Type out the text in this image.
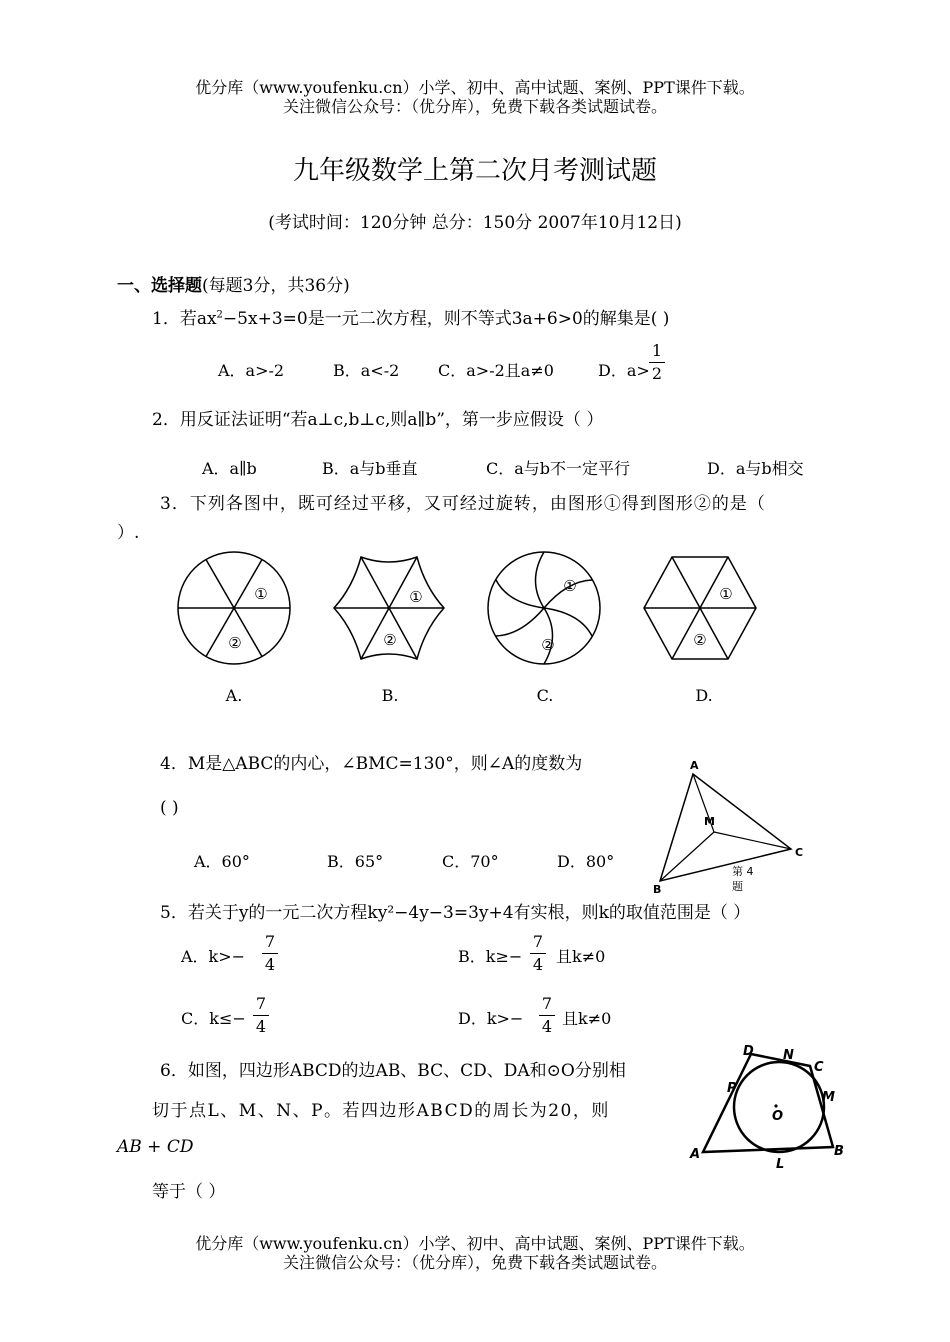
优分库（www.youfenku.cn）小学、初中、高中试题、案例、PPT课件下载。
关注微信公众号：（优分库），免费下载各类试题试卷。
九年级数学上第二次月考测试题
(考试时间：120分钟 总分：150分 2007年10月12日)
一、选择题(每题3分，共36分)
1．若$ax^2-5x+3=0$是一元二次方程，则不等式3a+6>0的解集是( )
A．a>-2	B．a<-2 C．a>-2且a≠0	D．a>
1
2
2．用反证法证明“若a⊥c,b⊥c,则a∥b”，第一步应假设（ ）
A．a∥b	B．a与b垂直	C．a与b不一定平行	D．a与b相交
3．下列各图中，既可经过平移，又可经过旋转，由图形①得到图形②的是（
）.
①
②
①
②
①
②
①
②
A.	B.	C.	D.
4．M是△ABC的内心，∠BMC=130°，则∠A的度数为
( )
A．60°	B．65°	C．70°	D．80°
A
M
B
C
第 4
题
5．若关于y的一元二次方程ky²−4y−3=3y+4有实根，则k的取值范围是（ ）
A．k>−
7
4	B．k≥−
7
4 且k≠0
C．k≤−
7
4	D．k>−
7
4 且k≠0
6．如图，四边形ABCD的边AB、BC、CD、DA和⊙O分别相
切于点L、M、N、P。若四边形ABCD的周长为20，则
AB + CD
等于（ ）
A	B
C
D
L
M
N
P
O
优分库（www.youfenku.cn）小学、初中、高中试题、案例、PPT课件下载。
关注微信公众号：（优分库），免费下载各类试题试卷。
